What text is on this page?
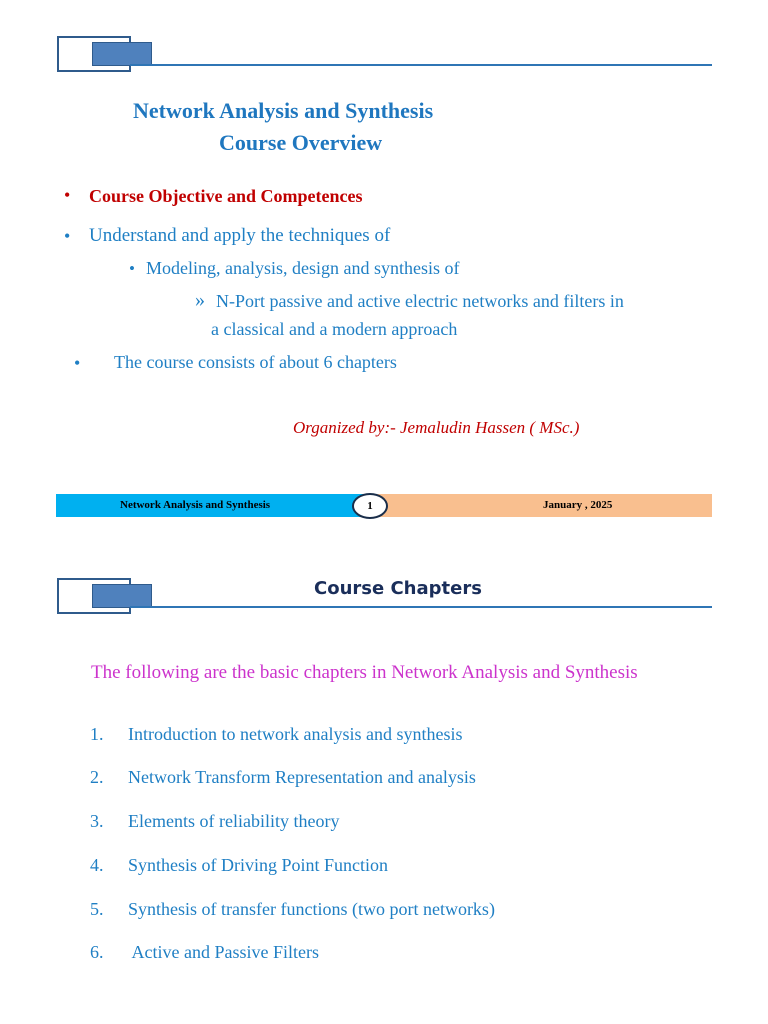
Network Analysis and Synthesis
Course Overview
• Course Objective and Competences
• Understand and apply the techniques of
• Modeling, analysis, design and synthesis of
» N-Port passive and active electric networks and filters in
a classical and a modern approach
• The course consists of about 6 chapters
Organized by:- Jemaludin Hassen ( MSc.)
Network Analysis and Synthesis	1	January , 2025
Course Chapters
The following are the basic chapters in Network Analysis and Synthesis
1. Introduction to network analysis and synthesis
2. Network Transform Representation and analysis
3. Elements of reliability theory
4. Synthesis of Driving Point Function
5. Synthesis of transfer functions (two port networks)
6. Active and Passive Filters
